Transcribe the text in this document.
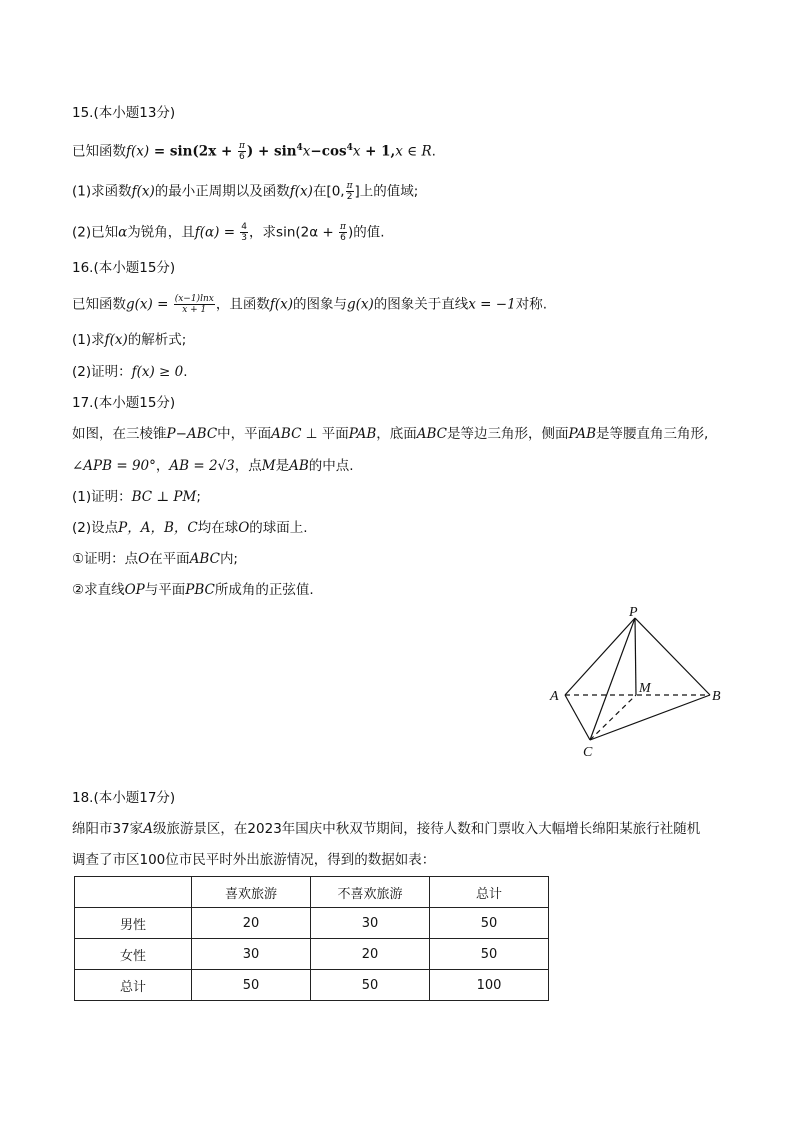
15.(本小题13分)
已知函数$f(x) = \sin(2x + \frac{\pi}{6}$ ) + $\sin^4x-\cos^4x + 1,x$ ∈ R.
(1)求函数f(x)的最小正周期以及函数f(x)在[0, $\frac{\pi}{2}$ ]上的值域;
(2)已知α为锐角，且$f(\alpha) = \frac{4}{3}$ ，求$\sin(2\alpha + \frac{\pi}{6}$ )的值.
16.(本小题15分)
已知函数$g(x) = \frac{(x-1)\ln x}{x + 1}$ ，且函数f(x)的图象与g(x)的图象关于直线x = −1对称.
(1)求f(x)的解析式;
(2)证明：f(x) ≥ 0.
17.(本小题15分)
如图，在三棱锥P−ABC中，平面ABC ⊥ 平面PAB，底面ABC是等边三角形，侧面PAB是等腰直角三角形,
∠APB = 90°，AB = 2√3，点M是AB的中点.
(1)证明：BC ⊥ PM;
(2)设点P，A，B，C均在球O的球面上.
①证明：点O在平面ABC内;
②求直线OP与平面PBC所成角的正弦值.
P
A	B
C
M
18.(本小题17分)
绵阳市37家A级旅游景区，在2023年国庆中秋双节期间，接待人数和门票收入大幅增长绵阳某旅行社随机
调查了市区100位市民平时外出旅游情况，得到的数据如表：
	喜欢旅游	不喜欢旅游	总计
男性	20	30	50
女性	30	20	50
总计	50	50	100
